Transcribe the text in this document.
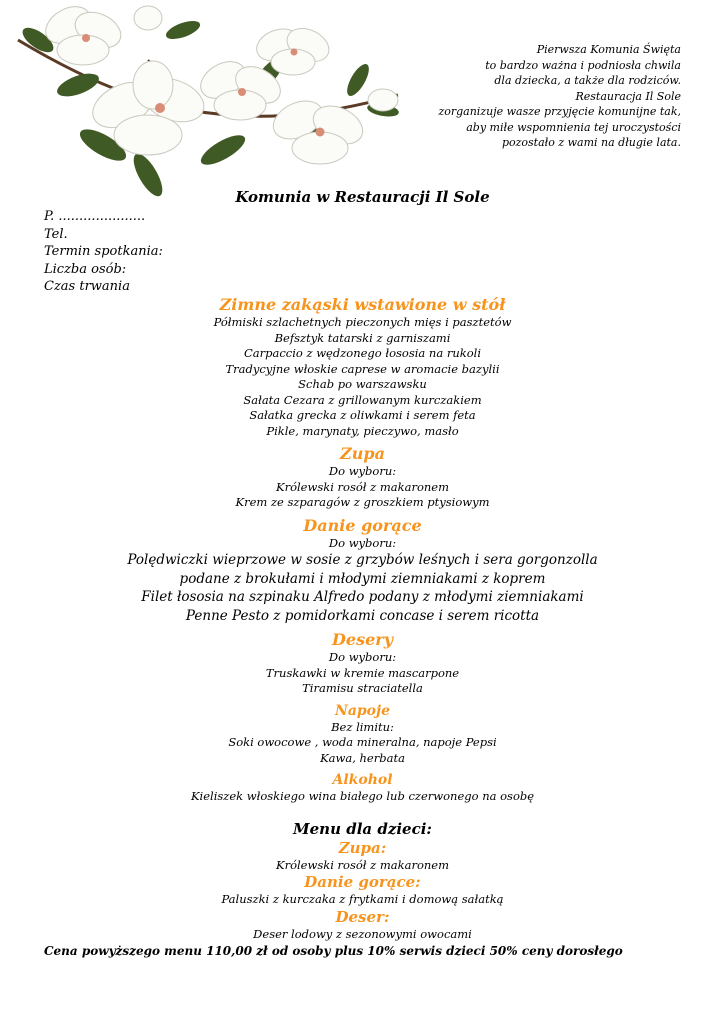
Pierwsza Komunia Święta
to bardzo ważna i podniosła chwila
dla dziecka, a także dla rodziców.
Restauracja Il Sole
zorganizuje wasze przyjęcie komunijne tak,
aby miłe wspomnienia tej uroczystości
pozostało z wami na długie lata.
Komunia w Restauracji Il Sole
P. .....................
Tel.
Termin spotkania:
Liczba osób:
Czas trwania
Zimne zakąski wstawione w stół
Półmiski szlachetnych pieczonych mięs i pasztetów
Befsztyk tatarski z garniszami
Carpaccio z wędzonego łososia na rukoli
Tradycyjne włoskie caprese w aromacie bazylii
Schab po warszawsku
Sałata Cezara z grillowanym kurczakiem
Sałatka grecka z oliwkami i serem feta
Pikle, marynaty, pieczywo, masło
Zupa
Do wyboru:
Królewski rosół z makaronem
Krem ze szparagów z groszkiem ptysiowym
Danie gorące
Do wyboru:
Polędwiczki wieprzowe w sosie z grzybów leśnych i sera gorgonzolla
podane z brokułami i młodymi ziemniakami z koprem
Filet łososia na szpinaku Alfredo podany z młodymi ziemniakami
Penne Pesto z pomidorkami concase i serem ricotta
Desery
Do wyboru:
Truskawki w kremie mascarpone
Tiramisu straciatella
Napoje
Bez limitu:
Soki owocowe , woda mineralna, napoje Pepsi
Kawa, herbata
Alkohol
Kieliszek włoskiego wina białego lub czerwonego na osobę
Menu dla dzieci:
Zupa:
Królewski rosół z makaronem
Danie gorące:
Paluszki z kurczaka z frytkami i domową sałatką
Deser:
Deser lodowy z sezonowymi owocami
Cena powyższego menu 110,00 zł od osoby plus 10% serwis dzieci 50% ceny dorosłego
